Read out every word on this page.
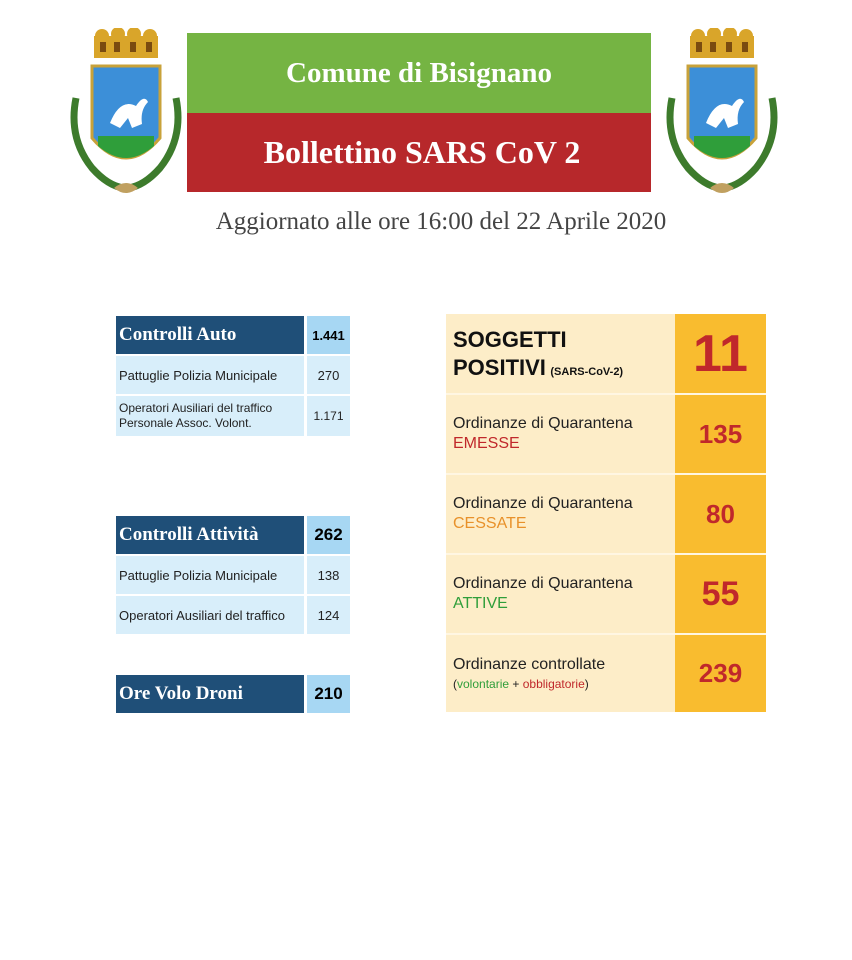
Comune di Bisignano
Bollettino SARS CoV 2
Aggiornato alle ore 16:00 del 22 Aprile 2020
Controlli Auto	1.441
Pattuglie Polizia Municipale	270
Operatori Ausiliari del traffico Personale Assoc. Volont.	1.171
Controlli Attività	262
Pattuglie Polizia Municipale	138
Operatori Ausiliari del traffico	124
Ore Volo Droni	210
SOGGETTI
POSITIVI (SARS-CoV-2)	11
Ordinanze di Quarantena
EMESSE	135
Ordinanze di Quarantena
CESSATE	80
Ordinanze di Quarantena
ATTIVE	55
Ordinanze controllate
(volontarie + obbligatorie)	239
